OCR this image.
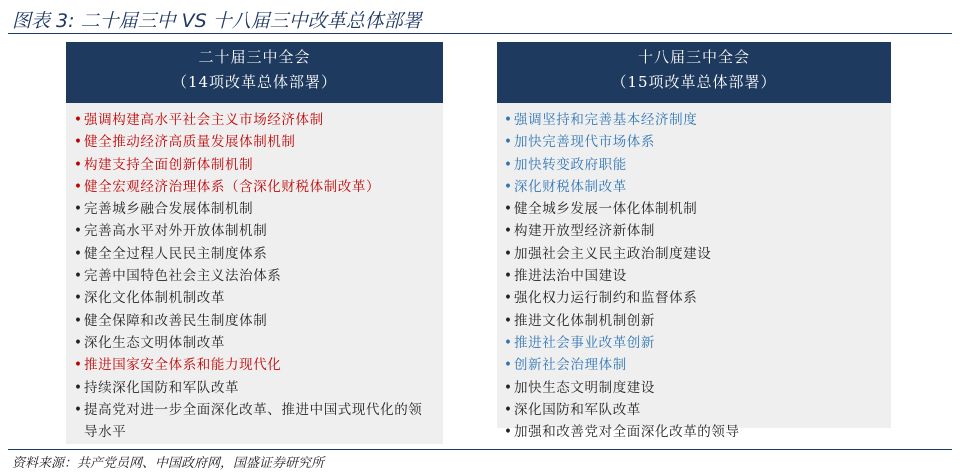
图表 3: 二十届三中 VS 十八届三中改革总体部署
二十届三中全会
（14项改革总体部署）
• 强调构建高水平社会主义市场经济体制
• 健全推动经济高质量发展体制机制
• 构建支持全面创新体制机制
• 健全宏观经济治理体系（含深化财税体制改革）
• 完善城乡融合发展体制机制
• 完善高水平对外开放体制机制
• 健全全过程人民民主制度体系
• 完善中国特色社会主义法治体系
• 深化文化体制机制改革
• 健全保障和改善民生制度体制
• 深化生态文明体制改革
• 推进国家安全体系和能力现代化
• 持续深化国防和军队改革
• 提高党对进一步全面深化改革、推进中国式现代化的领导水平
十八届三中全会
（15项改革总体部署）
• 强调坚持和完善基本经济制度
• 加快完善现代市场体系
• 加快转变政府职能
• 深化财税体制改革
• 健全城乡发展一体化体制机制
• 构建开放型经济新体制
• 加强社会主义民主政治制度建设
• 推进法治中国建设
• 强化权力运行制约和监督体系
• 推进文化体制机制创新
• 推进社会事业改革创新
• 创新社会治理体制
• 加快生态文明制度建设
• 深化国防和军队改革
• 加强和改善党对全面深化改革的领导
资料来源：共产党员网、中国政府网，国盛证券研究所
